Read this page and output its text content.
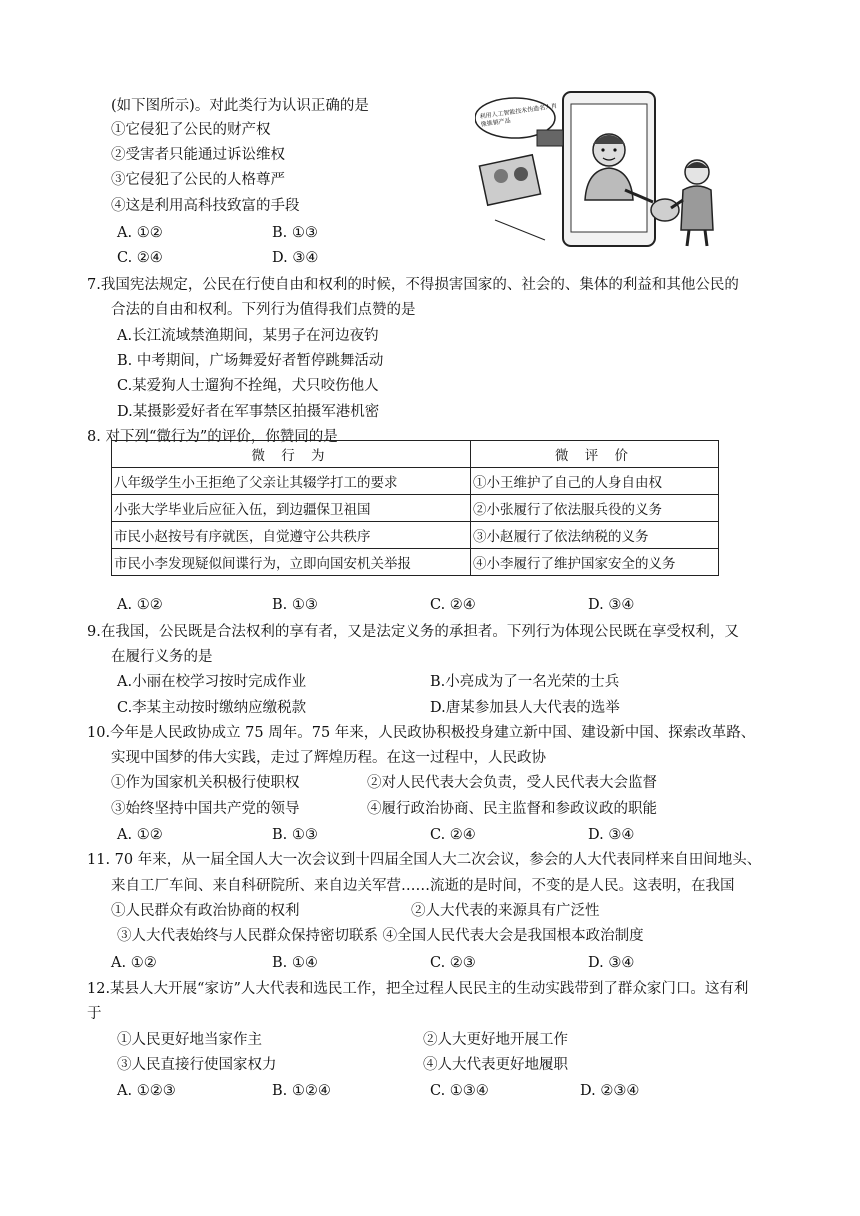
(如下图所示)。对此类行为认识正确的是
①它侵犯了公民的财产权
②受害者只能通过诉讼维权
③它侵犯了公民的人格尊严
④这是利用高科技致富的手段
A. ①②	B. ①③
C. ②④	D. ③④
利用人工智能技术伪造名人肖像推销产品
7.我国宪法规定，公民在行使自由和权利的时候，不得损害国家的、社会的、集体的利益和其他公民的
合法的自由和权利。下列行为值得我们点赞的是
A.长江流域禁渔期间，某男子在河边夜钓
B. 中考期间，广场舞爱好者暂停跳舞活动
C.某爱狗人士遛狗不拴绳，犬只咬伤他人
D.某摄影爱好者在军事禁区拍摄军港机密
8. 对下列“微行为”的评价，你赞同的是
微 行 为	微 评 价
八年级学生小王拒绝了父亲让其辍学打工的要求	①小王维护了自己的人身自由权
小张大学毕业后应征入伍，到边疆保卫祖国	②小张履行了依法服兵役的义务
市民小赵按号有序就医，自觉遵守公共秩序	③小赵履行了依法纳税的义务
市民小李发现疑似间谍行为，立即向国安机关举报	④小李履行了维护国家安全的义务
A. ①②	B. ①③	C. ②④	D. ③④
9.在我国，公民既是合法权利的享有者，又是法定义务的承担者。下列行为体现公民既在享受权利，又
在履行义务的是
A.小丽在校学习按时完成作业	B.小亮成为了一名光荣的士兵
C.李某主动按时缴纳应缴税款	D.唐某参加县人大代表的选举
10.今年是人民政协成立 75 周年。75 年来，人民政协积极投身建立新中国、建设新中国、探索改革路、
实现中国梦的伟大实践，走过了辉煌历程。在这一过程中，人民政协
①作为国家机关积极行使职权	②对人民代表大会负责，受人民代表大会监督
③始终坚持中国共产党的领导	④履行政治协商、民主监督和参政议政的职能
A. ①②	B. ①③	C. ②④	D. ③④
11. 70 年来，从一届全国人大一次会议到十四届全国人大二次会议，参会的人大代表同样来自田间地头、
来自工厂车间、来自科研院所、来自边关军营……流逝的是时间，不变的是人民。这表明，在我国
①人民群众有政治协商的权利	②人大代表的来源具有广泛性
③人大代表始终与人民群众保持密切联系 ④全国人民代表大会是我国根本政治制度
A. ①②	B. ①④	C. ②③	D. ③④
12.某县人大开展“家访”人大代表和选民工作，把全过程人民民主的生动实践带到了群众家门口。这有利
于
①人民更好地当家作主	②人大更好地开展工作
③人民直接行使国家权力	④人大代表更好地履职
A. ①②③	B. ①②④	C. ①③④	D. ②③④
